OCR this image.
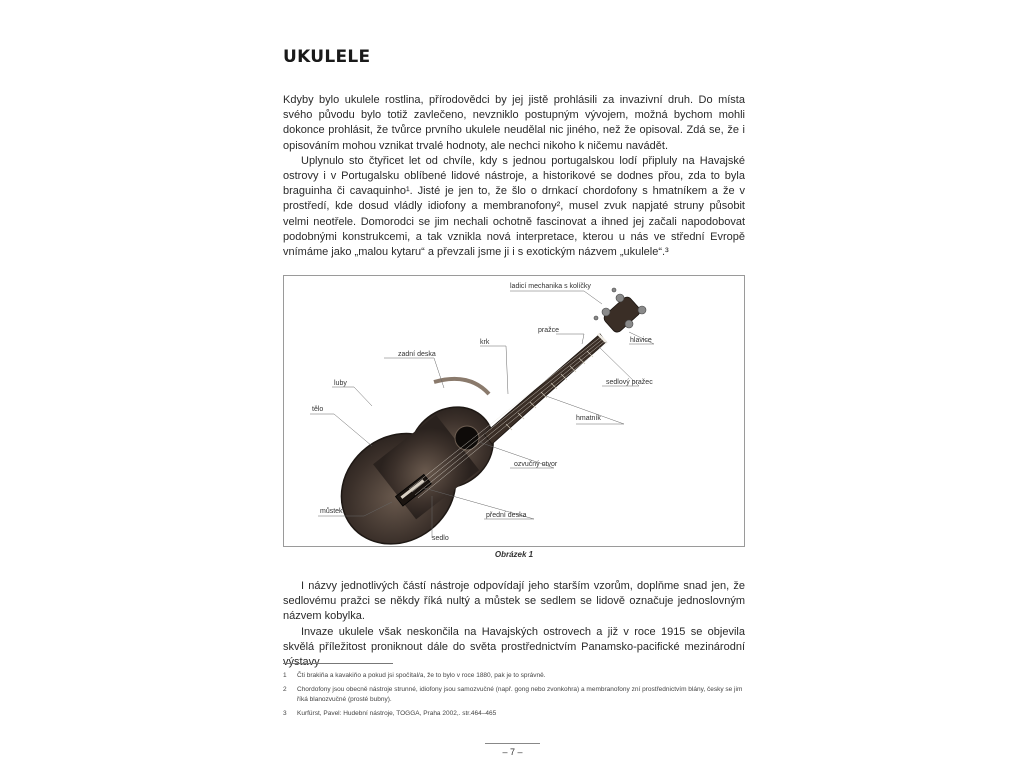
UKULELE

Kdyby bylo ukulele rostlina, přírodovědci by jej jistě prohlásili za invazivní druh. Do místa svého původu bylo totiž zavlečeno, nevzniklo postupným vývojem, možná bychom mohli dokonce prohlásit, že tvůrce prvního ukulele neudělal nic jiného, než že opisoval. Zdá se, že i opisováním mohou vznikat trvalé hodnoty, ale nechci nikoho k ničemu navádět.

Uplynulo sto čtyřicet let od chvíle, kdy s jednou portugalskou lodí připluly na Havajské ostrovy i v Portugalsku oblíbené lidové nástroje, a historikové se dodnes přou, zda to byla braguinha či cavaquinho¹. Jisté je jen to, že šlo o drnkací chordofony s hmatníkem a že v prostředí, kde dosud vládly idiofony a membranofony², musel zvuk napjaté struny působit velmi neotřele. Domorodci se jim nechali ochotně fascinovat a ihned jej začali napodobovat podobnými konstrukcemi, a tak vznikla nová interpretace, kterou u nás ve střední Evropě vnímáme jako „malou kytaru“ a převzali jsme ji i s exotickým názvem „ukulele“.³

ladicí mechanika s kolíčky
pražce
krk	hlavice
zadní deska
sedlový pražec
luby
hmatník
tělo
ozvučný otvor
můstek
přední deska
sedlo
Obrázek 1

I názvy jednotlivých částí nástroje odpovídají jeho starším vzorům, doplňme snad jen, že sedlovému pražci se někdy říká nultý a můstek se sedlem se lidově označuje jednoslovným názvem kobylka.

Invaze ukulele však neskončila na Havajských ostrovech a již v roce 1915 se objevila skvělá příležitost proniknout dále do světa prostřednictvím Panamsko-pacifické mezinárodní výstavy

1 Čti brakiňa a kavakiňo a pokud jsi spočítal/a, že to bylo v roce 1880, pak je to správně.
2 Chordofony jsou obecně nástroje strunné, idiofony jsou samozvučné (např. gong nebo zvonkohra) a membranofony zní prostřednictvím blány, česky se jim říká blanozvučné (prosté bubny).
3 Kurfürst, Pavel: Hudební nástroje, TOGGA, Praha 2002,. str.464–465
– 7 –
